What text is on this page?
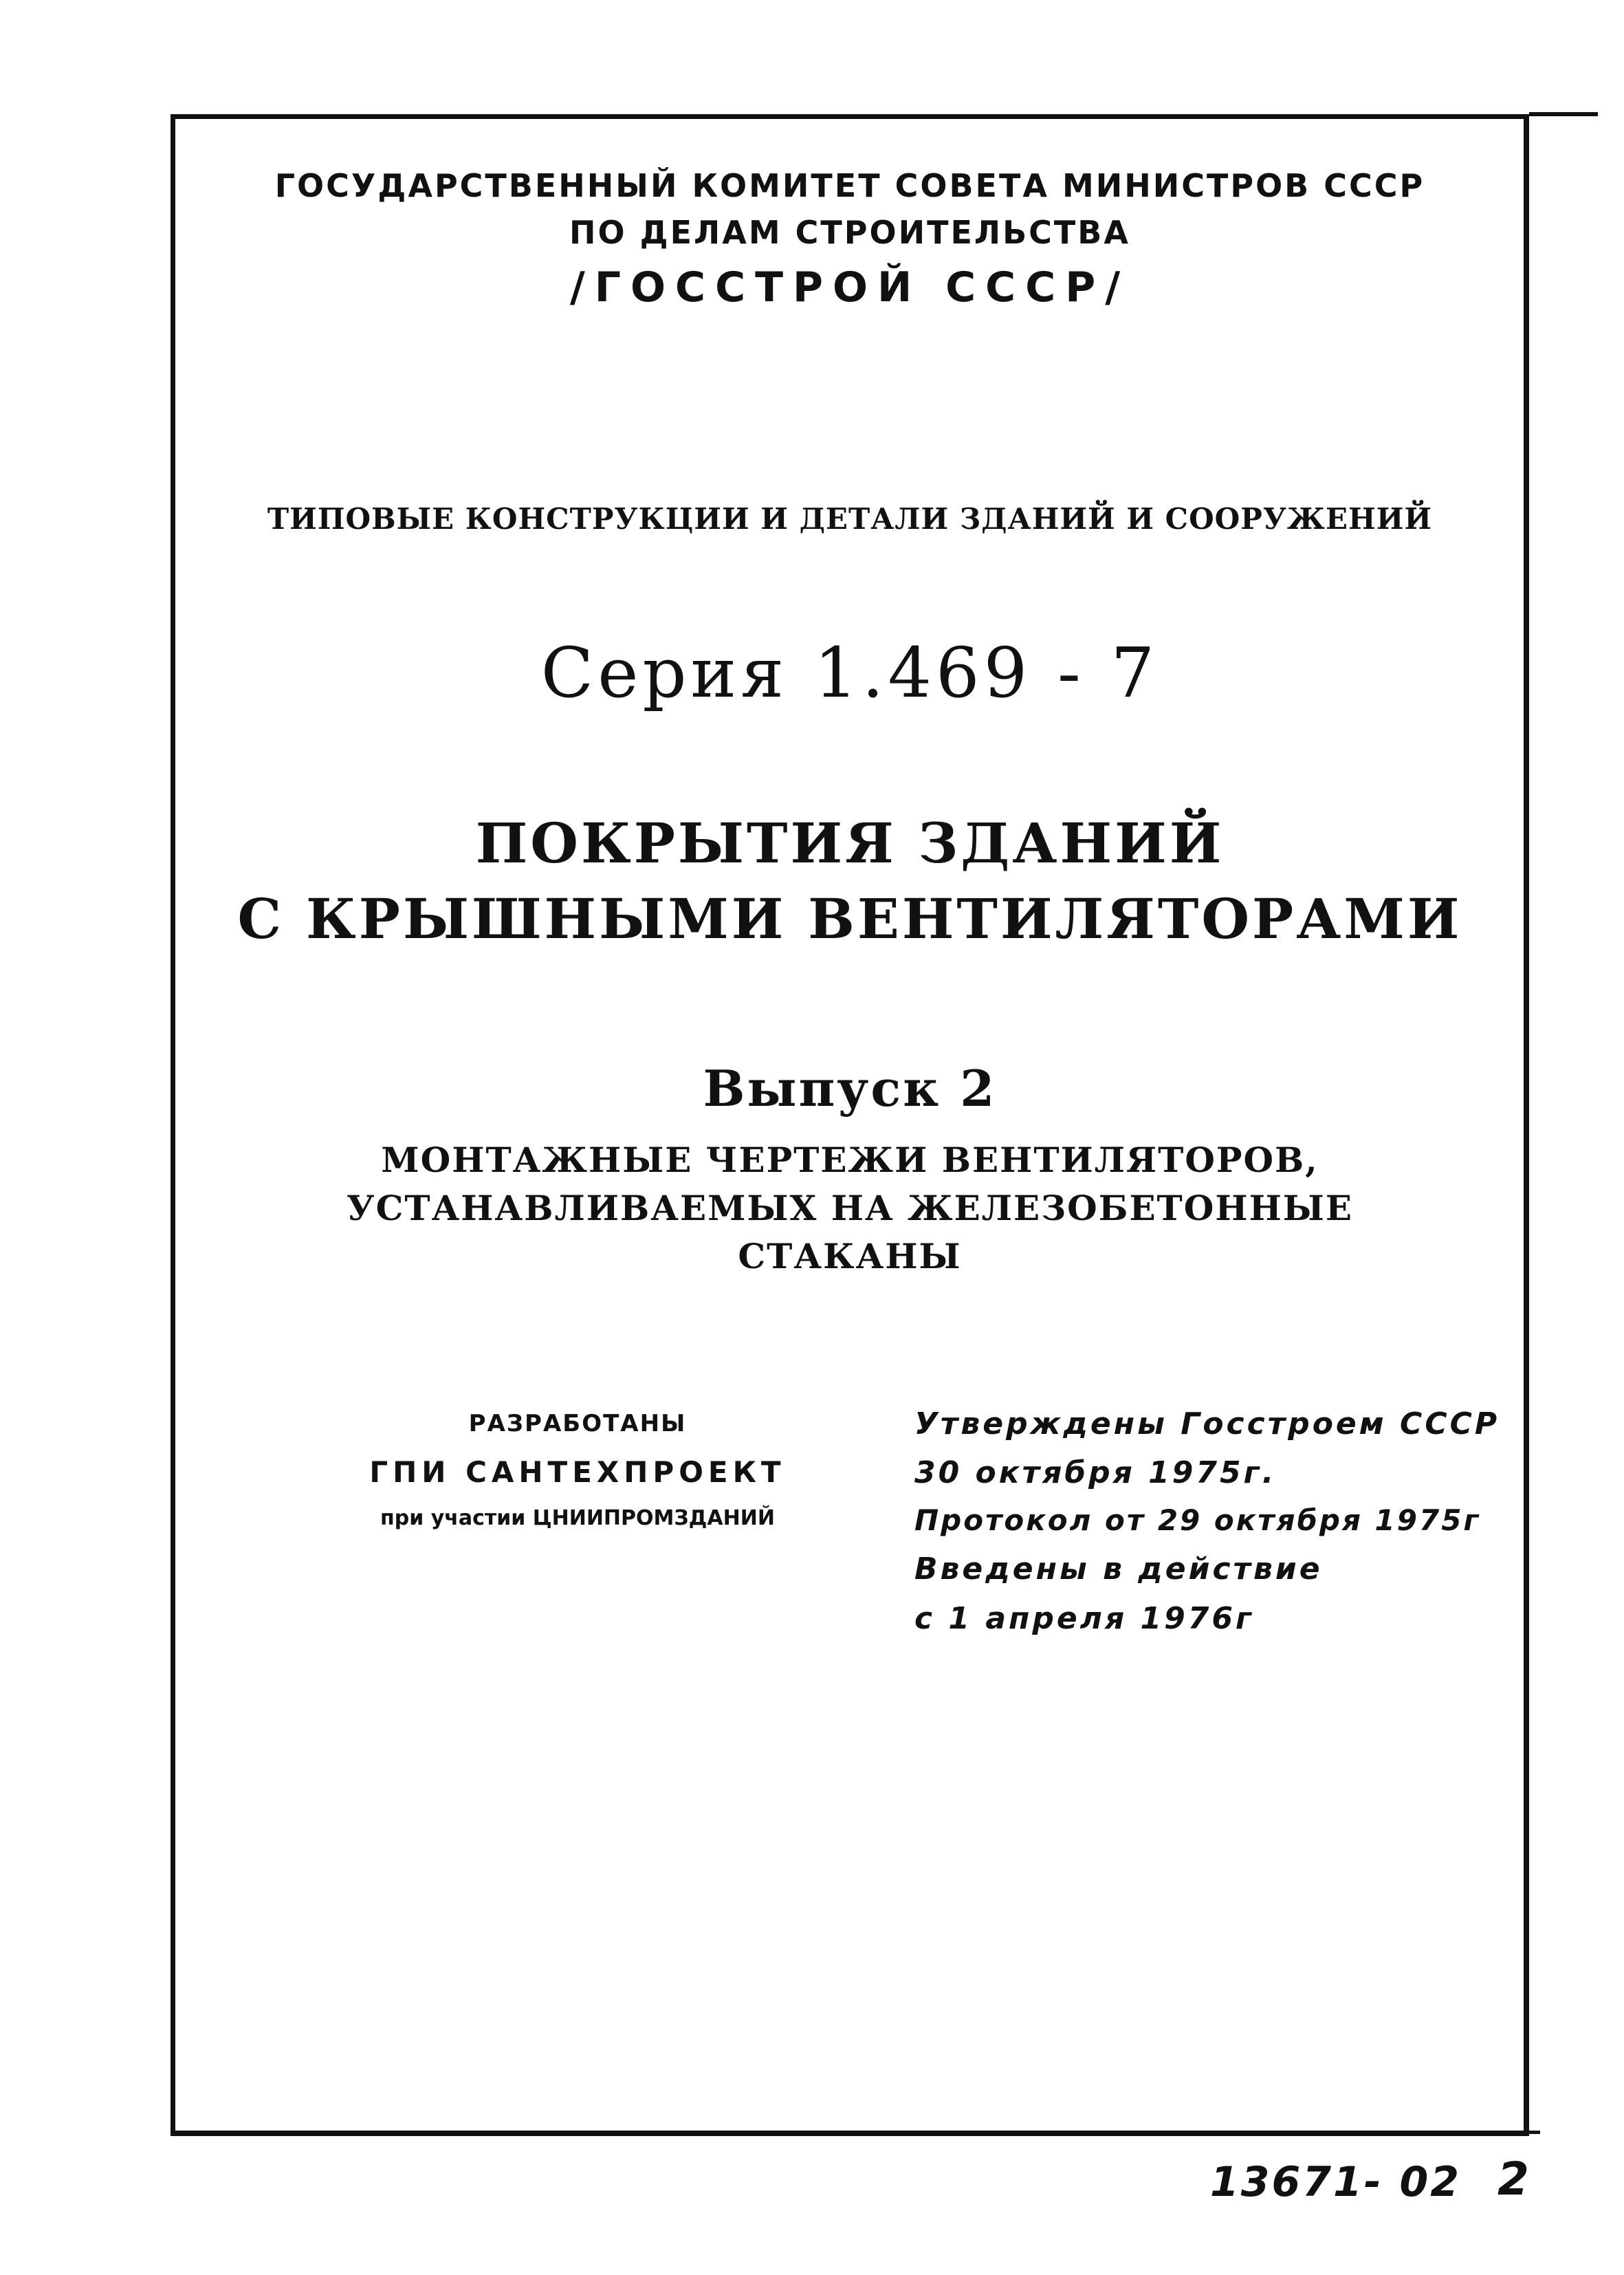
ГОСУДАРСТВЕННЫЙ КОМИТЕТ СОВЕТА МИНИСТРОВ СССР
ПО ДЕЛАМ СТРОИТЕЛЬСТВА
/ГОССТРОЙ СССР/
ТИПОВЫЕ КОНСТРУКЦИИ И ДЕТАЛИ ЗДАНИЙ И СООРУЖЕНИЙ
Серия 1.469 - 7
ПОКРЫТИЯ ЗДАНИЙ
С КРЫШНЫМИ ВЕНТИЛЯТОРАМИ
Выпуск 2
МОНТАЖНЫЕ ЧЕРТЕЖИ ВЕНТИЛЯТОРОВ,
УСТАНАВЛИВАЕМЫХ НА ЖЕЛЕЗОБЕТОННЫЕ
СТАКАНЫ
РАЗРАБОТАНЫ
ГПИ САНТЕХПРОЕКТ
при участии ЦНИИПРОМЗДАНИЙ
Утверждены Госстроем СССР
30 октября 1975г.
Протокол от 29 октября 1975г
Введены в действие
с 1 апреля 1976г
13671- 02 2
